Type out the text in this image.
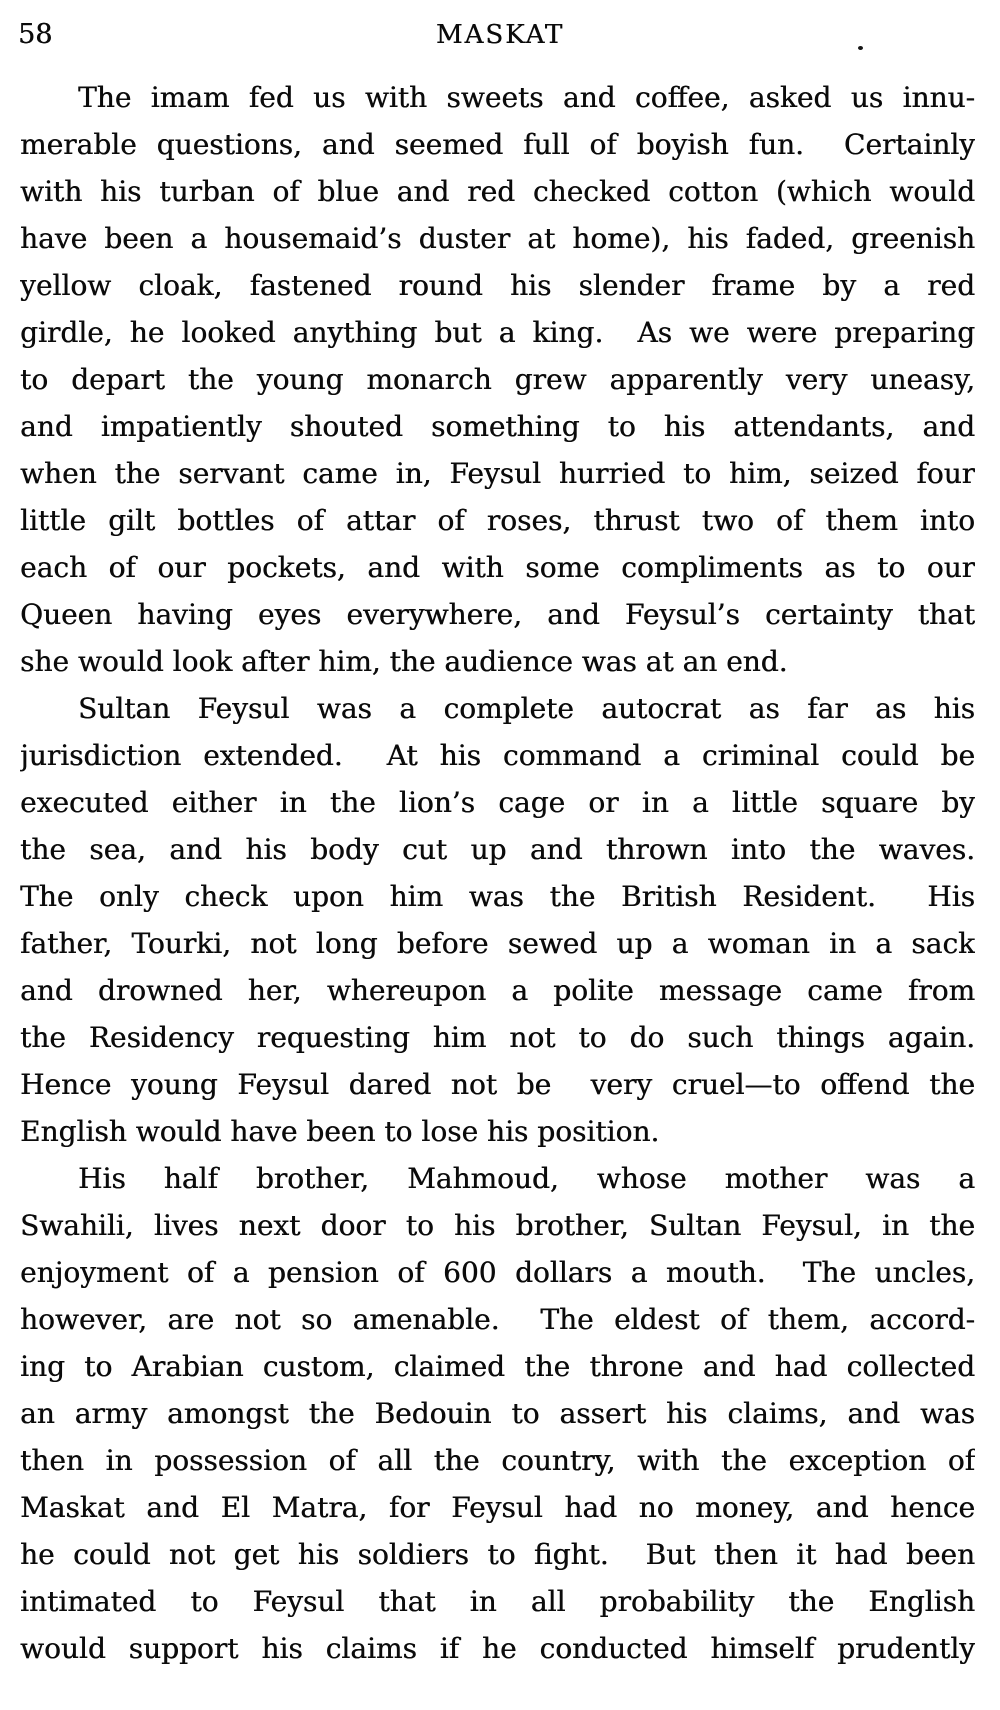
58	MASKAT
The imam fed us with sweets and coffee, asked us innu-
merable questions, and seemed full of boyish fun.  Certainly
with his turban of blue and red checked cotton (which would
have been a housemaid’s duster at home), his faded, greenish
yellow cloak, fastened round his slender frame by a red
girdle, he looked anything but a king.  As we were preparing
to depart the young monarch grew apparently very uneasy,
and impatiently shouted something to his attendants, and
when the servant came in, Feysul hurried to him, seized four
little gilt bottles of attar of roses, thrust two of them into
each of our pockets, and with some compliments as to our
Queen having eyes everywhere, and Feysul’s certainty that
she would look after him, the audience was at an end.
Sultan Feysul was a complete autocrat as far as his
jurisdiction extended.  At his command a criminal could be
executed either in the lion’s cage or in a little square by
the sea, and his body cut up and thrown into the waves.
The only check upon him was the British Resident.  His
father, Tourki, not long before sewed up a woman in a sack
and drowned her, whereupon a polite message came from
the Residency requesting him not to do such things again.
Hence young Feysul dared not be  very cruel—to offend the
English would have been to lose his position.
His half brother, Mahmoud, whose mother was a
Swahili, lives next door to his brother, Sultan Feysul, in the
enjoyment of a pension of 600 dollars a mouth.  The uncles,
however, are not so amenable.  The eldest of them, accord-
ing to Arabian custom, claimed the throne and had collected
an army amongst the Bedouin to assert his claims, and was
then in possession of all the country, with the exception of
Maskat and El Matra, for Feysul had no money, and hence
he could not get his soldiers to fight.  But then it had been
intimated to Feysul that in all probability the English
would support his claims if he conducted himself prudently
